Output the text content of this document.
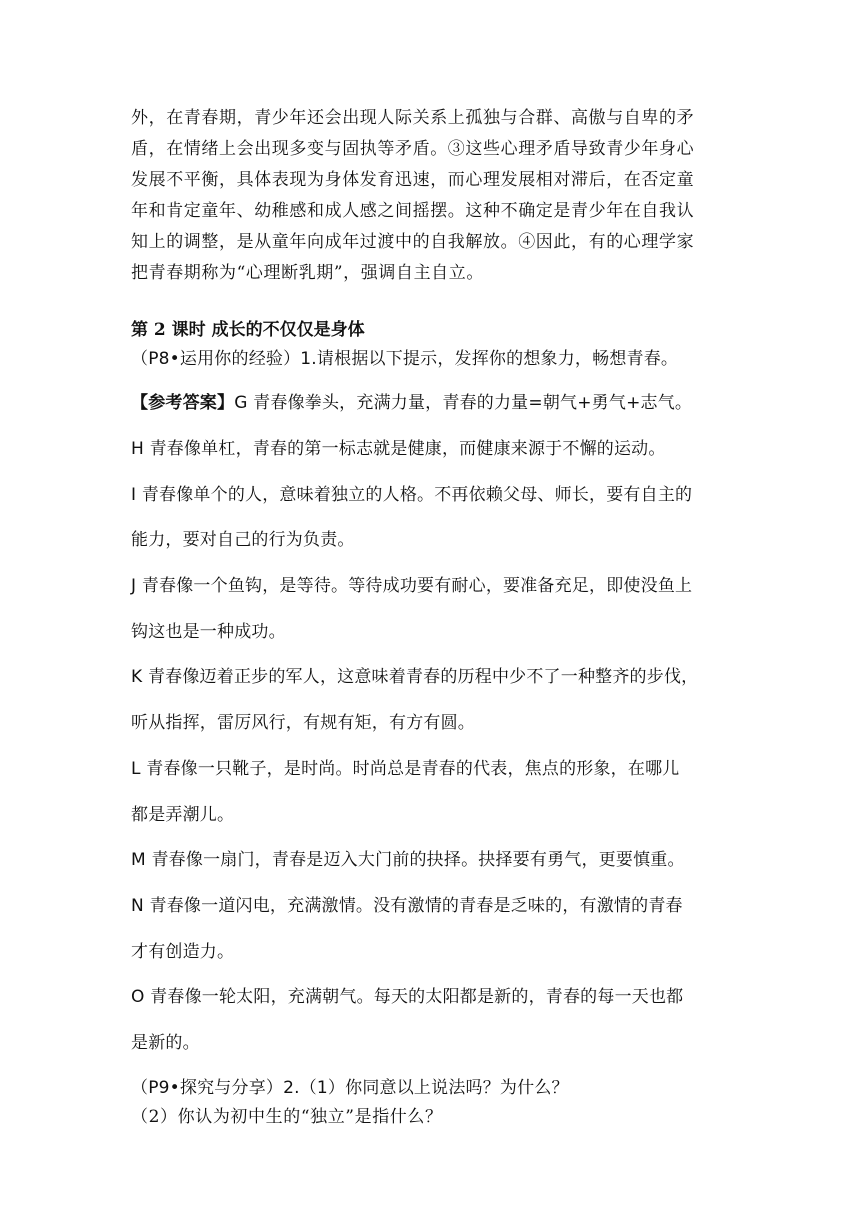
外，在青春期，青少年还会出现人际关系上孤独与合群、高傲与自卑的矛
盾，在情绪上会出现多变与固执等矛盾。③这些心理矛盾导致青少年身心
发展不平衡，具体表现为身体发育迅速，而心理发展相对滞后，在否定童
年和肯定童年、幼稚感和成人感之间摇摆。这种不确定是青少年在自我认
知上的调整，是从童年向成年过渡中的自我解放。④因此，有的心理学家
把青春期称为“心理断乳期”，强调自主自立。
第 2 课时 成长的不仅仅是身体
（P8•运用你的经验）1.请根据以下提示，发挥你的想象力，畅想青春。
【参考答案】G 青春像拳头，充满力量，青春的力量=朝气+勇气+志气。
H 青春像单杠，青春的第一标志就是健康，而健康来源于不懈的运动。
I 青春像单个的人，意味着独立的人格。不再依赖父母、师长，要有自主的
能力，要对自己的行为负责。
J 青春像一个鱼钩，是等待。等待成功要有耐心，要准备充足，即使没鱼上
钩这也是一种成功。
K 青春像迈着正步的军人，这意味着青春的历程中少不了一种整齐的步伐，
听从指挥，雷厉风行，有规有矩，有方有圆。
L 青春像一只靴子，是时尚。时尚总是青春的代表，焦点的形象，在哪儿
都是弄潮儿。
M 青春像一扇门，青春是迈入大门前的抉择。抉择要有勇气，更要慎重。
N 青春像一道闪电，充满激情。没有激情的青春是乏味的，有激情的青春
才有创造力。
O 青春像一轮太阳，充满朝气。每天的太阳都是新的，青春的每一天也都
是新的。
（P9•探究与分享）2.（1）你同意以上说法吗？为什么？
（2）你认为初中生的“独立”是指什么？
